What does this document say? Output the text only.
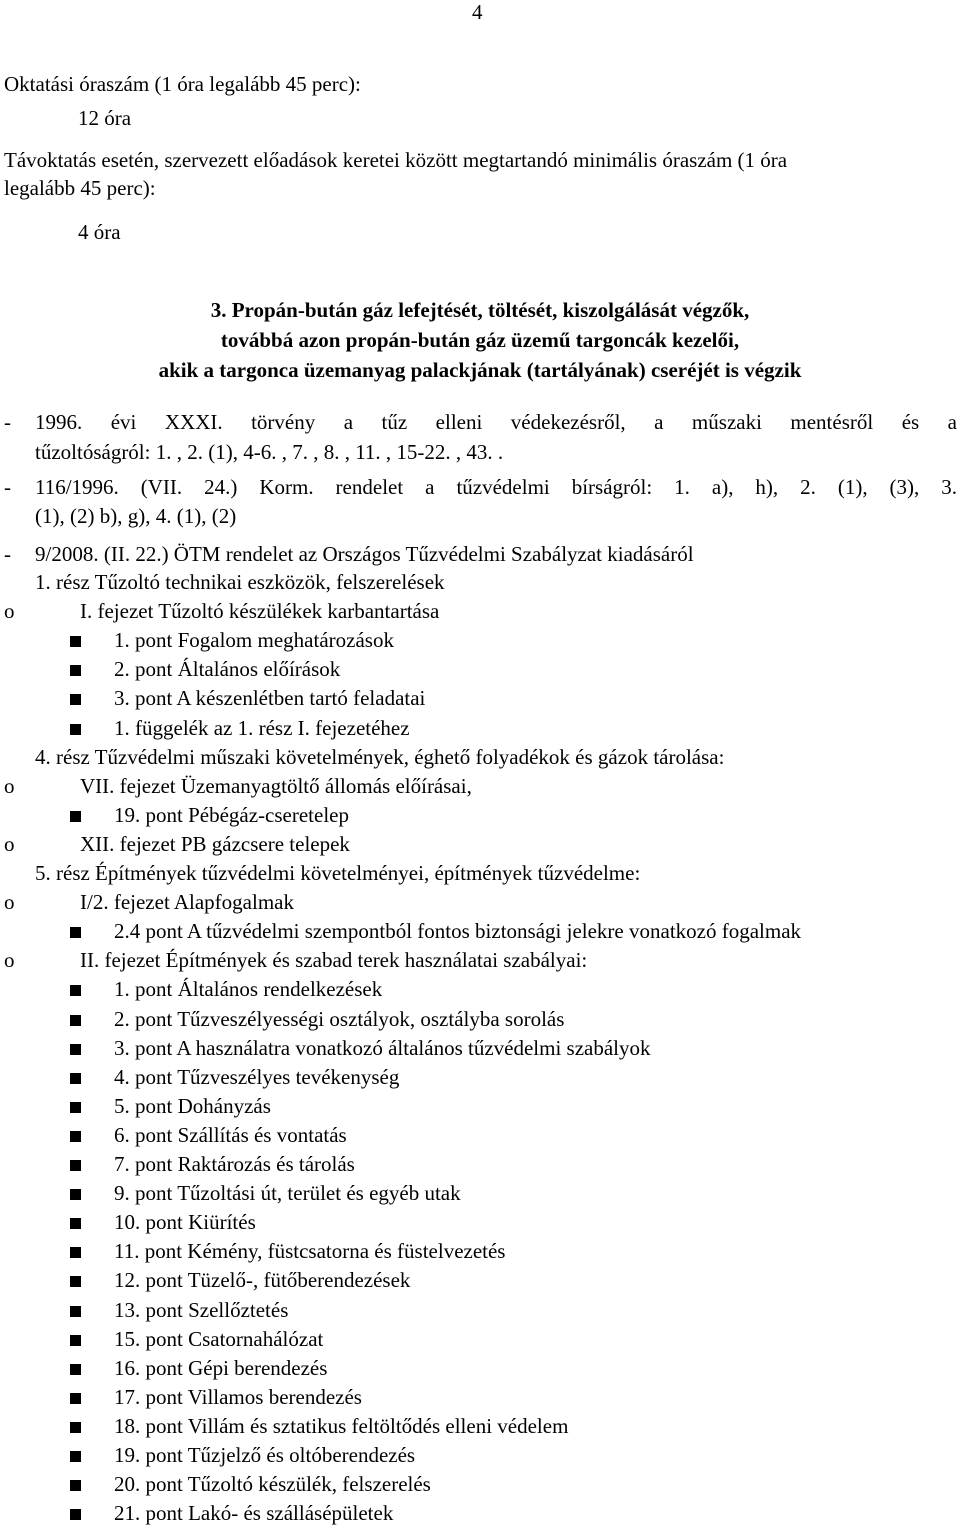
4
Oktatási óraszám (1 óra legalább 45 perc):
12 óra
Távoktatás esetén, szervezett előadások keretei között megtartandó minimális óraszám (1 óra
legalább 45 perc):
4 óra
3. Propán-bután gáz lefejtését, töltését, kiszolgálását végzők,
továbbá azon propán-bután gáz üzemű targoncák kezelői,
akik a targonca üzemanyag palackjának (tartályának) cseréjét is végzik
- 1996. évi XXXI. törvény a tűz elleni védekezésről, a műszaki mentésről és a
tűzoltóságról: 1. , 2. (1), 4-6. , 7. , 8. , 11. , 15-22. , 43. .
- 116/1996. (VII. 24.) Korm. rendelet a tűzvédelmi bírságról: 1. a), h), 2. (1), (3), 3.
(1), (2) b), g), 4. (1), (2)
- 9/2008. (II. 22.) ÖTM rendelet az Országos Tűzvédelmi Szabályzat kiadásáról
1. rész Tűzoltó technikai eszközök, felszerelések
o	I. fejezet Tűzoltó készülékek karbantartása
1. pont Fogalom meghatározások
2. pont Általános előírások
3. pont A készenlétben tartó feladatai
1. függelék az 1. rész I. fejezetéhez
4. rész Tűzvédelmi műszaki követelmények, éghető folyadékok és gázok tárolása:
o	VII. fejezet Üzemanyagtöltő állomás előírásai,
19. pont Pébégáz-cseretelep
o	XII. fejezet PB gázcsere telepek
5. rész Építmények tűzvédelmi követelményei, építmények tűzvédelme:
o	I/2. fejezet Alapfogalmak
2.4 pont A tűzvédelmi szempontból fontos biztonsági jelekre vonatkozó fogalmak
o	II. fejezet Építmények és szabad terek használatai szabályai:
1. pont Általános rendelkezések
2. pont Tűzveszélyességi osztályok, osztályba sorolás
3. pont A használatra vonatkozó általános tűzvédelmi szabályok
4. pont Tűzveszélyes tevékenység
5. pont Dohányzás
6. pont Szállítás és vontatás
7. pont Raktározás és tárolás
9. pont Tűzoltási út, terület és egyéb utak
10. pont Kiürítés
11. pont Kémény, füstcsatorna és füstelvezetés
12. pont Tüzelő-, fütőberendezések
13. pont Szellőztetés
15. pont Csatornahálózat
16. pont Gépi berendezés
17. pont Villamos berendezés
18. pont Villám és sztatikus feltöltődés elleni védelem
19. pont Tűzjelző és oltóberendezés
20. pont Tűzoltó készülék, felszerelés
21. pont Lakó- és szállásépületek
